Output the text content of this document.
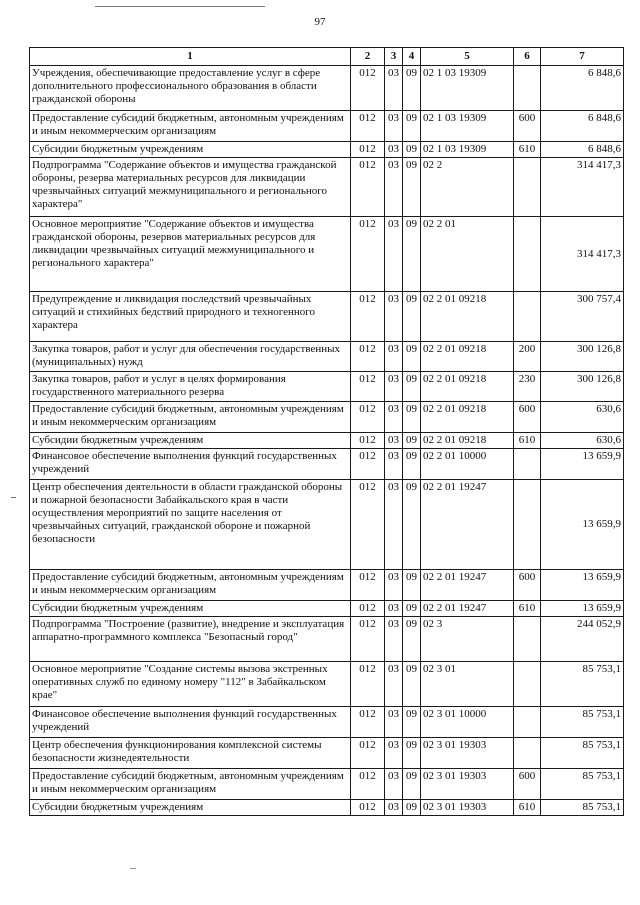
97
1	2	3	4	5	6	7
Учреждения, обеспечивающие предоставление услуг в сфере дополнительного профессионального образования в области гражданской обороны	012	03	09	02 1 03 19309		6 848,6
Предоставление субсидий бюджетным, автономным учреждениям и иным некоммерческим организациям	012	03	09	02 1 03 19309	600	6 848,6
Субсидии бюджетным учреждениям	012	03	09	02 1 03 19309	610	6 848,6
Подпрограмма "Содержание объектов и имущества гражданской обороны, резерва материальных ресурсов для ликвидации чрезвычайных ситуаций межмуниципального и регионального характера"	012	03	09	02 2		314 417,3
Основное мероприятие "Содержание объектов и имущества гражданской обороны, резервов материальных ресурсов для ликвидации чрезвычайных ситуаций межмуниципального и регионального характера"	012	03	09	02 2 01		314 417,3
Предупреждение и ликвидация последствий чрезвычайных ситуаций и стихийных бедствий природного и техногенного характера	012	03	09	02 2 01 09218		300 757,4
Закупка товаров, работ и услуг для обеспечения государственных (муниципальных) нужд	012	03	09	02 2 01 09218	200	300 126,8
Закупка товаров, работ и услуг в целях формирования государственного материального резерва	012	03	09	02 2 01 09218	230	300 126,8
Предоставление субсидий бюджетным, автономным учреждениям и иным некоммерческим организациям	012	03	09	02 2 01 09218	600	630,6
Субсидии бюджетным учреждениям	012	03	09	02 2 01 09218	610	630,6
Финансовое обеспечение выполнения функций государственных учреждений	012	03	09	02 2 01 10000		13 659,9
Центр обеспечения деятельности в области гражданской обороны и пожарной безопасности Забайкальского края в части осуществления мероприятий по защите населения от чрезвычайных ситуаций, гражданской обороне и пожарной безопасности	012	03	09	02 2 01 19247		13 659,9
Предоставление субсидий бюджетным, автономным учреждениям и иным некоммерческим организациям	012	03	09	02 2 01 19247	600	13 659,9
Субсидии бюджетным учреждениям	012	03	09	02 2 01 19247	610	13 659,9
Подпрограмма "Построение (развитие), внедрение и эксплуатация аппаратно-программного комплекса "Безопасный город"	012	03	09	02 3		244 052,9
Основное мероприятие "Создание системы вызова экстренных оперативных служб по единому номеру "112" в Забайкальском крае"	012	03	09	02 3 01		85 753,1
Финансовое обеспечение выполнения функций государственных учреждений	012	03	09	02 3 01 10000		85 753,1
Центр обеспечения функционирования комплексной системы безопасности жизнедеятельности	012	03	09	02 3 01 19303		85 753,1
Предоставление субсидий бюджетным, автономным учреждениям и иным некоммерческим организациям	012	03	09	02 3 01 19303	600	85 753,1
Субсидии бюджетным учреждениям	012	03	09	02 3 01 19303	610	85 753,1
